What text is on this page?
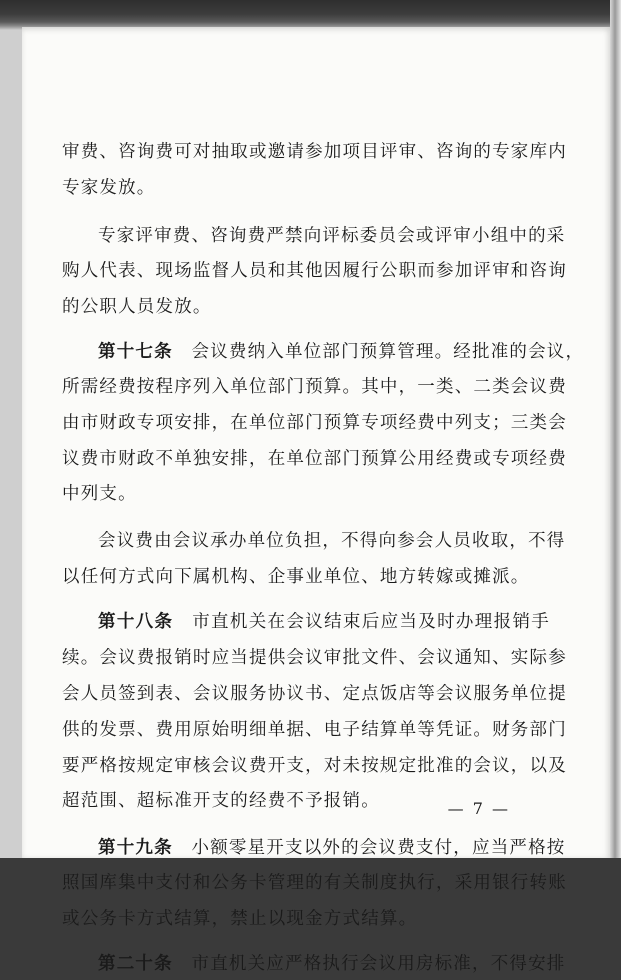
审费、咨询费可对抽取或邀请参加项目评审、咨询的专家库内
专家发放。
专家评审费、咨询费严禁向评标委员会或评审小组中的采
购人代表、现场监督人员和其他因履行公职而参加评审和咨询
的公职人员发放。
第十七条　会议费纳入单位部门预算管理。经批准的会议，
所需经费按程序列入单位部门预算。其中，一类、二类会议费
由市财政专项安排，在单位部门预算专项经费中列支；三类会
议费市财政不单独安排，在单位部门预算公用经费或专项经费
中列支。
会议费由会议承办单位负担，不得向参会人员收取，不得
以任何方式向下属机构、企事业单位、地方转嫁或摊派。
第十八条　市直机关在会议结束后应当及时办理报销手
续。会议费报销时应当提供会议审批文件、会议通知、实际参
会人员签到表、会议服务协议书、定点饭店等会议服务单位提
供的发票、费用原始明细单据、电子结算单等凭证。财务部门
要严格按规定审核会议费开支，对未按规定批准的会议，以及
超范围、超标准开支的经费不予报销。
第十九条　小额零星开支以外的会议费支付，应当严格按
照国库集中支付和公务卡管理的有关制度执行，采用银行转账
或公务卡方式结算，禁止以现金方式结算。
第二十条　市直机关应严格执行会议用房标准，不得安排
— 7 —
